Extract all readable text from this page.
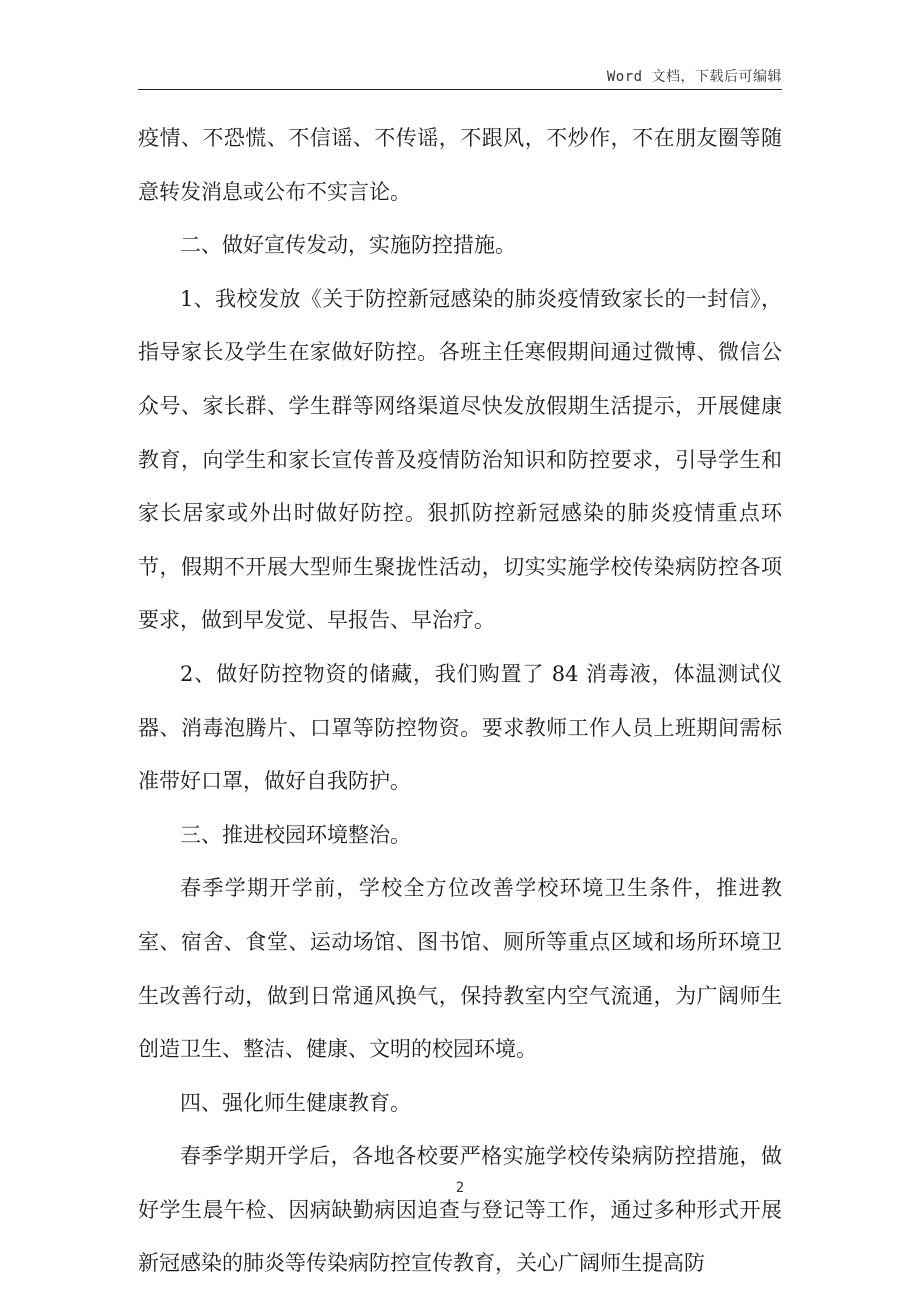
Word 文档，下载后可编辑

疫情、不恐慌、不信谣、不传谣，不跟风，不炒作，不在朋友圈等随意转发消息或公布不实言论。

二、做好宣传发动，实施防控措施。

1、我校发放《关于防控新冠感染的肺炎疫情致家长的一封信》，指导家长及学生在家做好防控。各班主任寒假期间通过微博、微信公众号、家长群、学生群等网络渠道尽快发放假期生活提示，开展健康教育，向学生和家长宣传普及疫情防治知识和防控要求，引导学生和家长居家或外出时做好防控。狠抓防控新冠感染的肺炎疫情重点环节，假期不开展大型师生聚拢性活动，切实实施学校传染病防控各项要求，做到早发觉、早报告、早治疗。

2、做好防控物资的储藏，我们购置了 84 消毒液，体温测试仪器、消毒泡腾片、口罩等防控物资。要求教师工作人员上班期间需标准带好口罩，做好自我防护。

三、推进校园环境整治。

春季学期开学前，学校全方位改善学校环境卫生条件，推进教室、宿舍、食堂、运动场馆、图书馆、厕所等重点区域和场所环境卫生改善行动，做到日常通风换气，保持教室内空气流通，为广阔师生创造卫生、整洁、健康、文明的校园环境。

四、强化师生健康教育。

春季学期开学后，各地各校要严格实施学校传染病防控措施，做好学生晨午检、因病缺勤病因追查与登记等工作，通过多种形式开展新冠感染的肺炎等传染病防控宣传教育，关心广阔师生提高防

2
